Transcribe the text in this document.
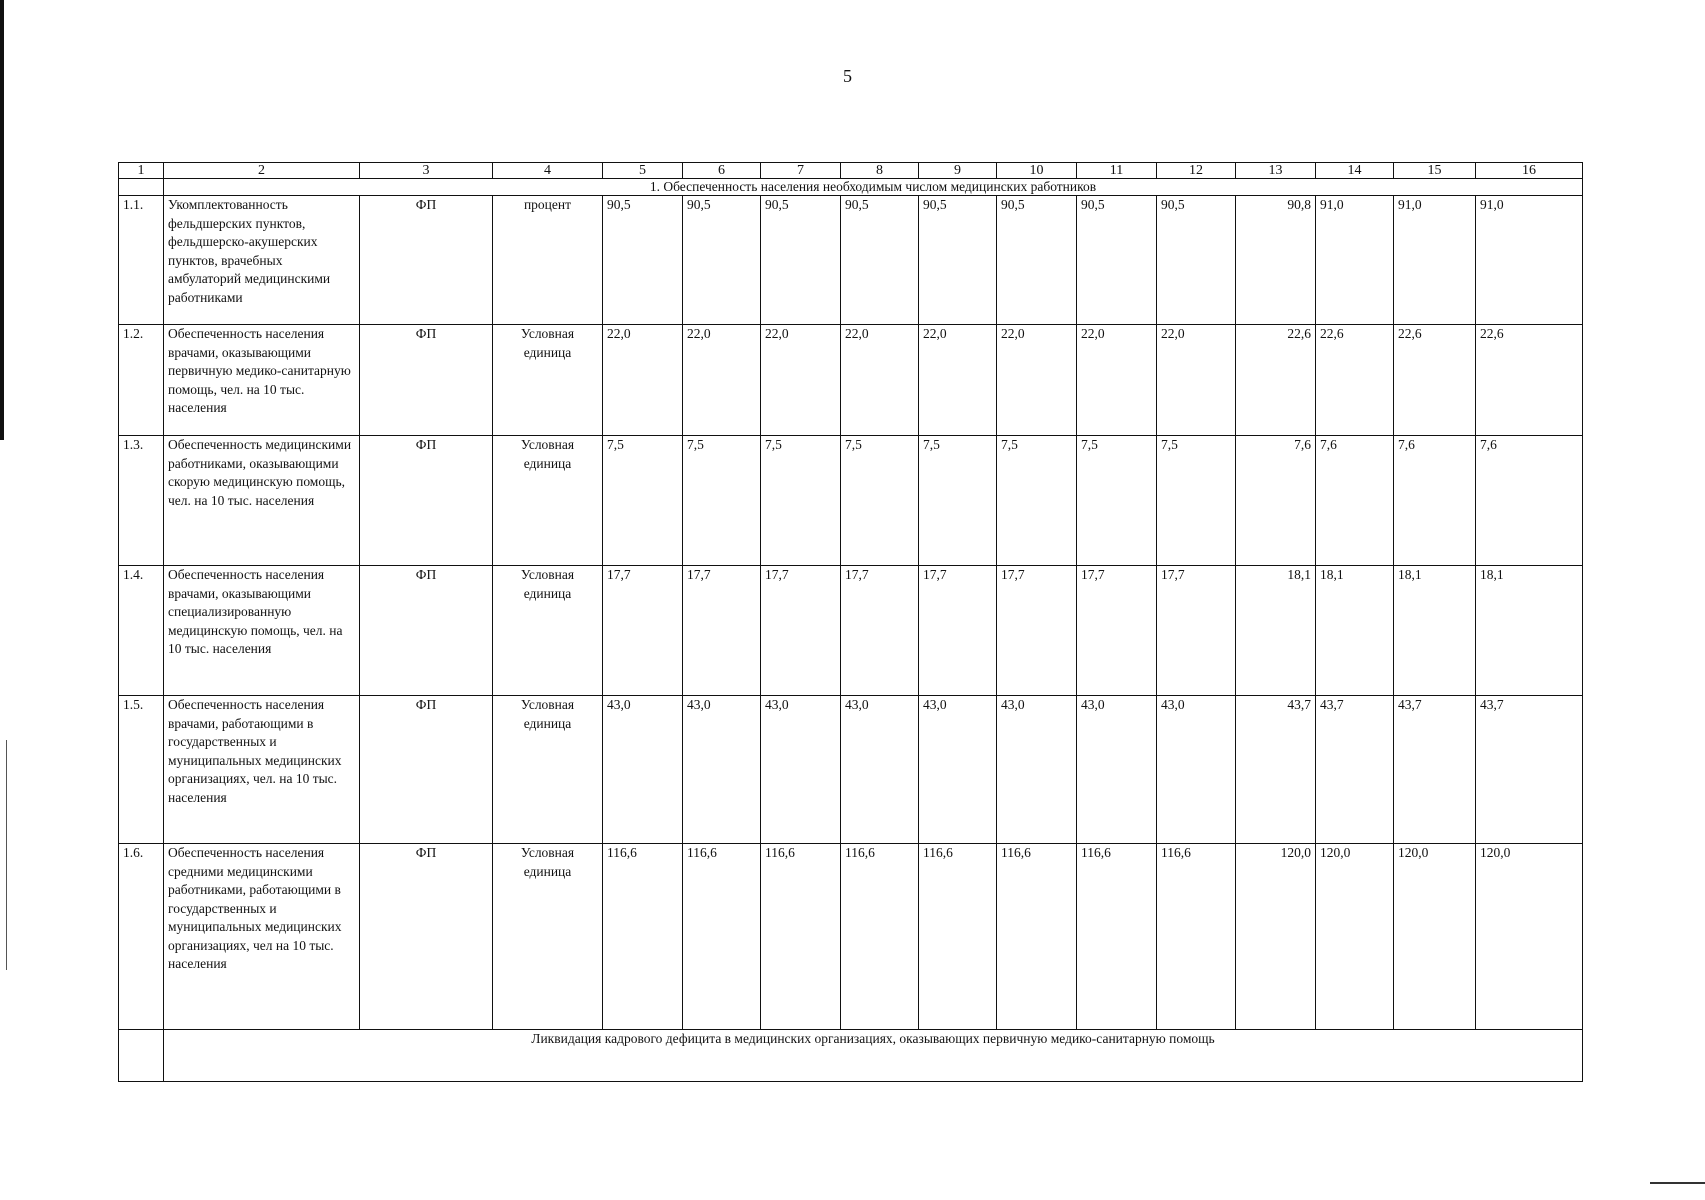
5
1	2	3	4	5	6	7	8	9	10	11	12	13	14	15	16
	1. Обеспеченность населения необходимым числом медицинских работников														
1.1.	Укомплектованность фельдшерских пунктов, фельдшерско-акушерских пунктов, врачебных амбулаторий медицинскими работниками	ФП	процент	90,5	90,5	90,5	90,5	90,5	90,5	90,5	90,5	90,8	91,0	91,0	91,0
1.2.	Обеспеченность населения врачами, оказывающими первичную медико-санитарную помощь, чел. на 10 тыс. населения	ФП	Условная единица	22,0	22,0	22,0	22,0	22,0	22,0	22,0	22,0	22,6	22,6	22,6	22,6
1.3.	Обеспеченность медицинскими работниками, оказывающими скорую медицинскую помощь, чел. на 10 тыс. населения	ФП	Условная единица	7,5	7,5	7,5	7,5	7,5	7,5	7,5	7,5	7,6	7,6	7,6	7,6
1.4.	Обеспеченность населения врачами, оказывающими специализированную медицинскую помощь, чел. на 10 тыс. населения	ФП	Условная единица	17,7	17,7	17,7	17,7	17,7	17,7	17,7	17,7	18,1	18,1	18,1	18,1
1.5.	Обеспеченность населения врачами, работающими в государственных и муниципальных медицинских организациях, чел. на 10 тыс. населения	ФП	Условная единица	43,0	43,0	43,0	43,0	43,0	43,0	43,0	43,0	43,7	43,7	43,7	43,7
1.6.	Обеспеченность населения средними медицинскими работниками, работающими в государственных и муниципальных медицинских организациях, чел на 10 тыс. населения	ФП	Условная единица	116,6	116,6	116,6	116,6	116,6	116,6	116,6	116,6	120,0	120,0	120,0	120,0
	Ликвидация кадрового дефицита в медицинских организациях, оказывающих первичную медико-санитарную помощь														
